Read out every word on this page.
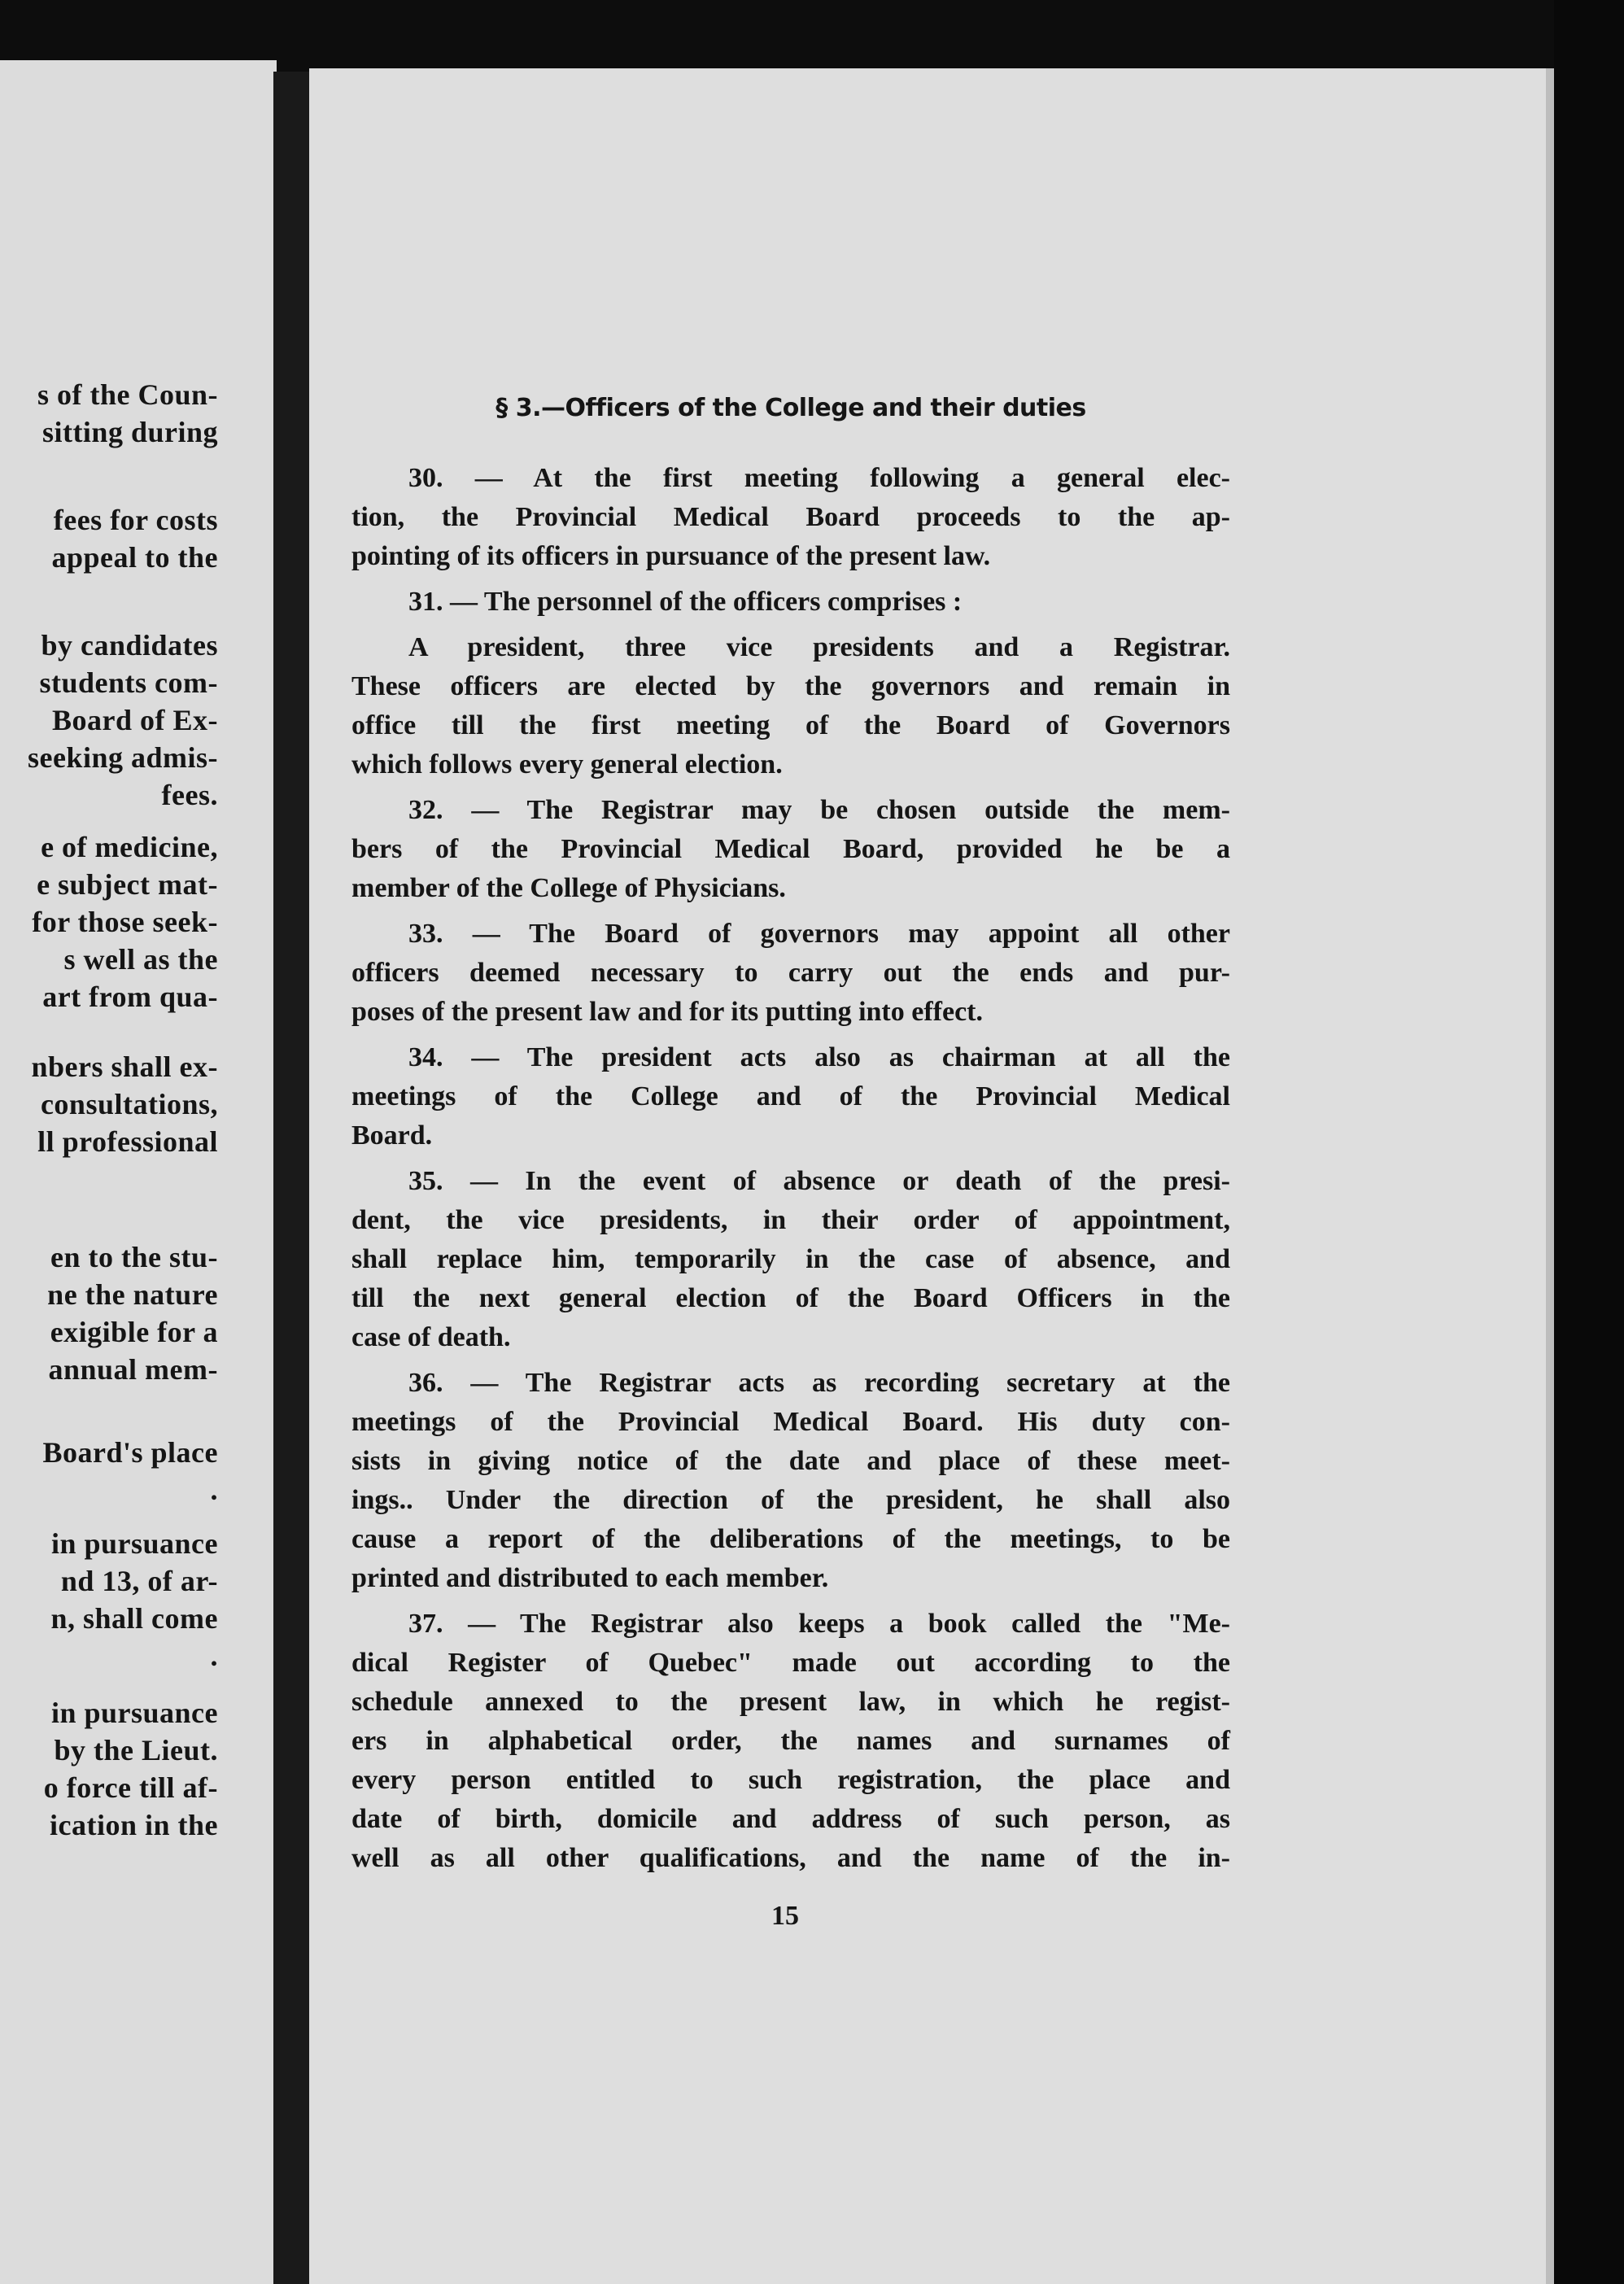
s of the Coun-
sitting during
fees for costs
appeal to the
by candidates
students com-
Board of Ex-
seeking admis-
fees.
e of medicine,
e subject mat-
for those seek-
s well as the
art from qua-
nbers shall ex-
consultations,
ll professional
en to the stu-
ne the nature
exigible for a
annual mem-
Board's place
.
in pursuance
nd 13, of ar-
n, shall come
.
in pursuance
by the Lieut.
o force till af-
ication in the
§ 3.—Officers of the College and their duties
30. — At the first meeting following a general elec-
tion, the Provincial Medical Board proceeds to the ap-
pointing of its officers in pursuance of the present law.
31. — The personnel of the officers comprises :
A president, three vice presidents and a Registrar.
These officers are elected by the governors and remain in
office till the first meeting of the Board of Governors
which follows every general election.
32. — The Registrar may be chosen outside the mem-
bers of the Provincial Medical Board, provided he be a
member of the College of Physicians.
33. — The Board of governors may appoint all other
officers deemed necessary to carry out the ends and pur-
poses of the present law and for its putting into effect.
34. — The president acts also as chairman at all the
meetings of the College and of the Provincial Medical
Board.
35. — In the event of absence or death of the presi-
dent, the vice presidents, in their order of appointment,
shall replace him, temporarily in the case of absence, and
till the next general election of the Board Officers in the
case of death.
36. — The Registrar acts as recording secretary at the
meetings of the Provincial Medical Board. His duty con-
sists in giving notice of the date and place of these meet-
ings.. Under the direction of the president, he shall also
cause a report of the deliberations of the meetings, to be
printed and distributed to each member.
37. — The Registrar also keeps a book called the "Me-
dical Register of Quebec" made out according to the
schedule annexed to the present law, in which he regist-
ers in alphabetical order, the names and surnames of
every person entitled to such registration, the place and
date of birth, domicile and address of such person, as
well as all other qualifications, and the name of the in-
15
